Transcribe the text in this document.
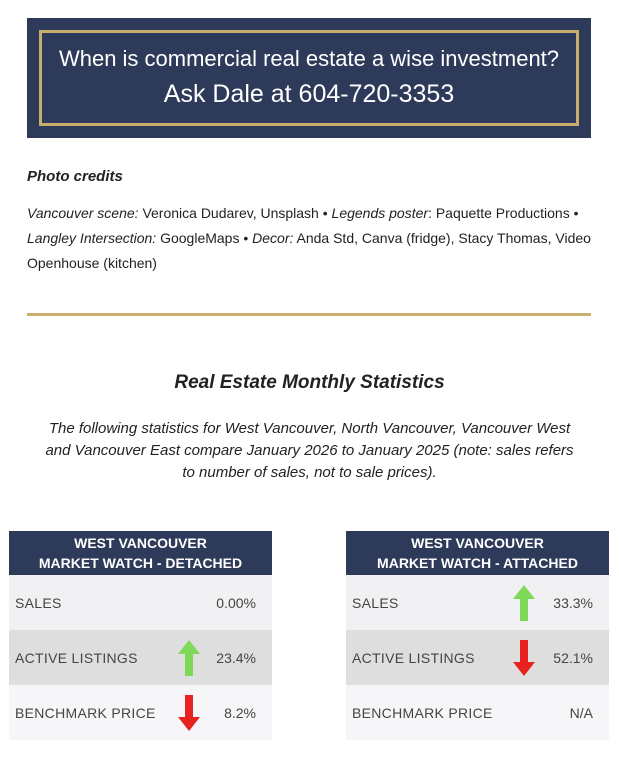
When is commercial real estate a wise investment?
Ask Dale at 604-720-3353
Photo credits
Vancouver scene: Veronica Dudarev, Unsplash • Legends poster: Paquette Productions • Langley Intersection: GoogleMaps • Decor: Anda Std, Canva (fridge), Stacy Thomas, Video Openhouse (kitchen)
Real Estate Monthly Statistics
The following statistics for West Vancouver, North Vancouver, Vancouver West and Vancouver East compare January 2026 to January 2025 (note: sales refers to number of sales, not to sale prices).
WEST VANCOUVER
MARKET WATCH - DETACHED
SALES	0.00%
ACTIVE LISTINGS	23.4%
BENCHMARK PRICE	8.2%
WEST VANCOUVER
MARKET WATCH - ATTACHED
SALES	33.3%
ACTIVE LISTINGS	52.1%
BENCHMARK PRICE	N/A
